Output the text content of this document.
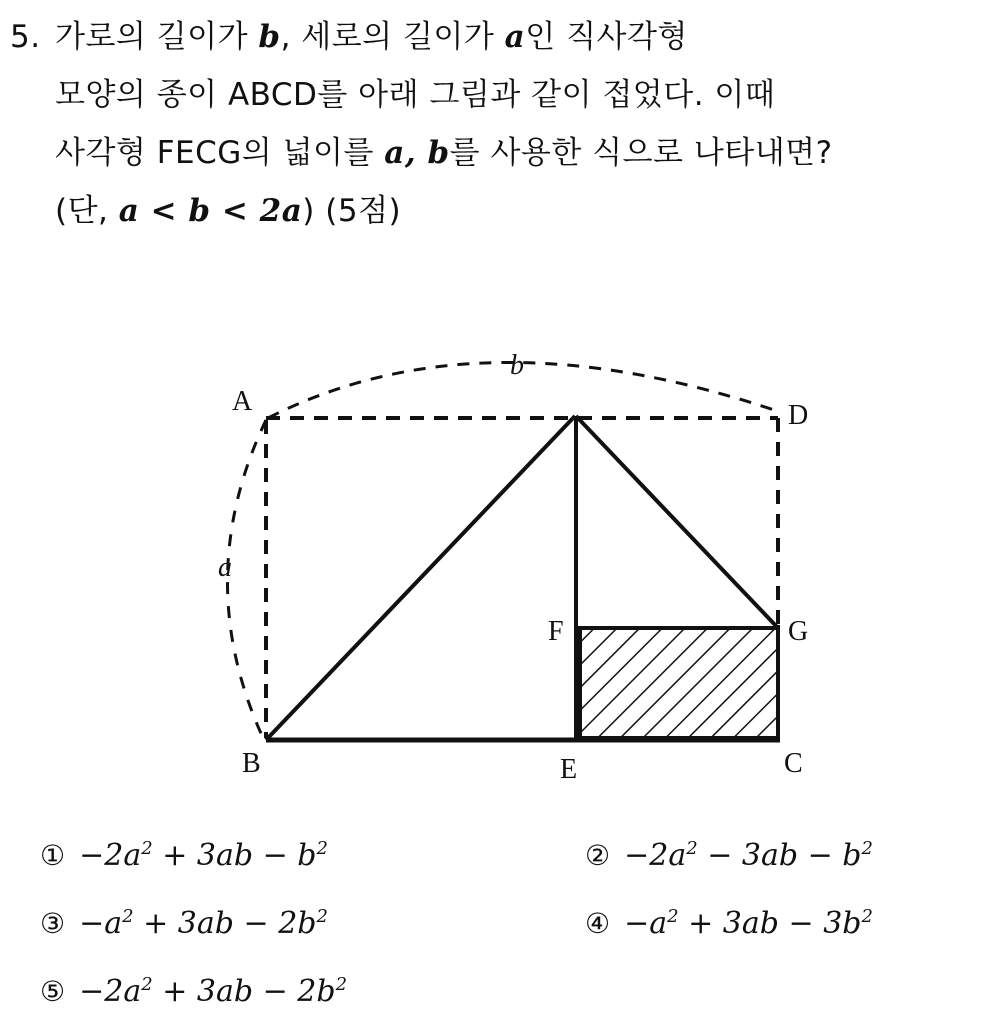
5. 가로의 길이가 b, 세로의 길이가 a인 직사각형
모양의 종이 ABCD를 아래 그림과 같이 접었다. 이때
사각형 FECG의 넓이를 a, b를 사용한 식으로 나타내면?
(단, a < b < 2a) (5점)
A	D
B	E	C
F	G
b
a
① $-2a^2 + 3ab - b^2$	② $-2a^2 - 3ab - b^2$
③ $-a^2 + 3ab - 2b^2$	④ $-a^2 + 3ab - 3b^2$
⑤ $-2a^2 + 3ab - 2b^2$
